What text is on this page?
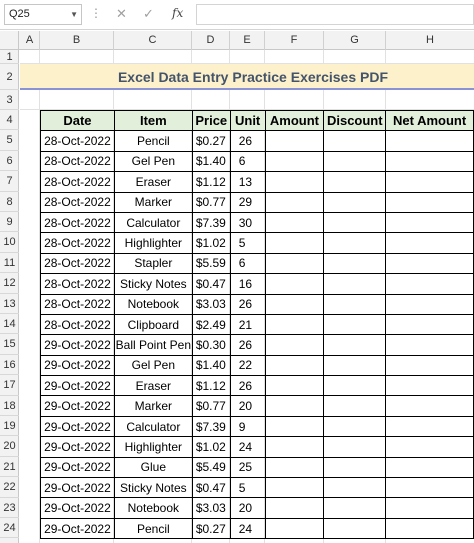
Q25	▼ ⋮ ✕ ✓ fx
A	B	C	D	E	F	G	H
1
2
3
4
5
6
7
8
9
10
11
12
13
14
15
16
17
18
19
20
21
22
23
24
Excel Data Entry Practice Exercises PDF
Date	Item	Price	Unit	Amount	Discount	Net Amount
28-Oct-2022	Pencil	$0.27	26			
28-Oct-2022	Gel Pen	$1.40	6			
28-Oct-2022	Eraser	$1.12	13			
28-Oct-2022	Marker	$0.77	29			
28-Oct-2022	Calculator	$7.39	30			
28-Oct-2022	Highlighter	$1.02	5			
28-Oct-2022	Stapler	$5.59	6			
28-Oct-2022	Sticky Notes	$0.47	16			
28-Oct-2022	Notebook	$3.03	26			
28-Oct-2022	Clipboard	$2.49	21			
29-Oct-2022	Ball Point Pen	$0.30	26			
29-Oct-2022	Gel Pen	$1.40	22			
29-Oct-2022	Eraser	$1.12	26			
29-Oct-2022	Marker	$0.77	20			
29-Oct-2022	Calculator	$7.39	9			
29-Oct-2022	Highlighter	$1.02	24			
29-Oct-2022	Glue	$5.49	25			
29-Oct-2022	Sticky Notes	$0.47	5			
29-Oct-2022	Notebook	$3.03	20			
29-Oct-2022	Pencil	$0.27	24			
